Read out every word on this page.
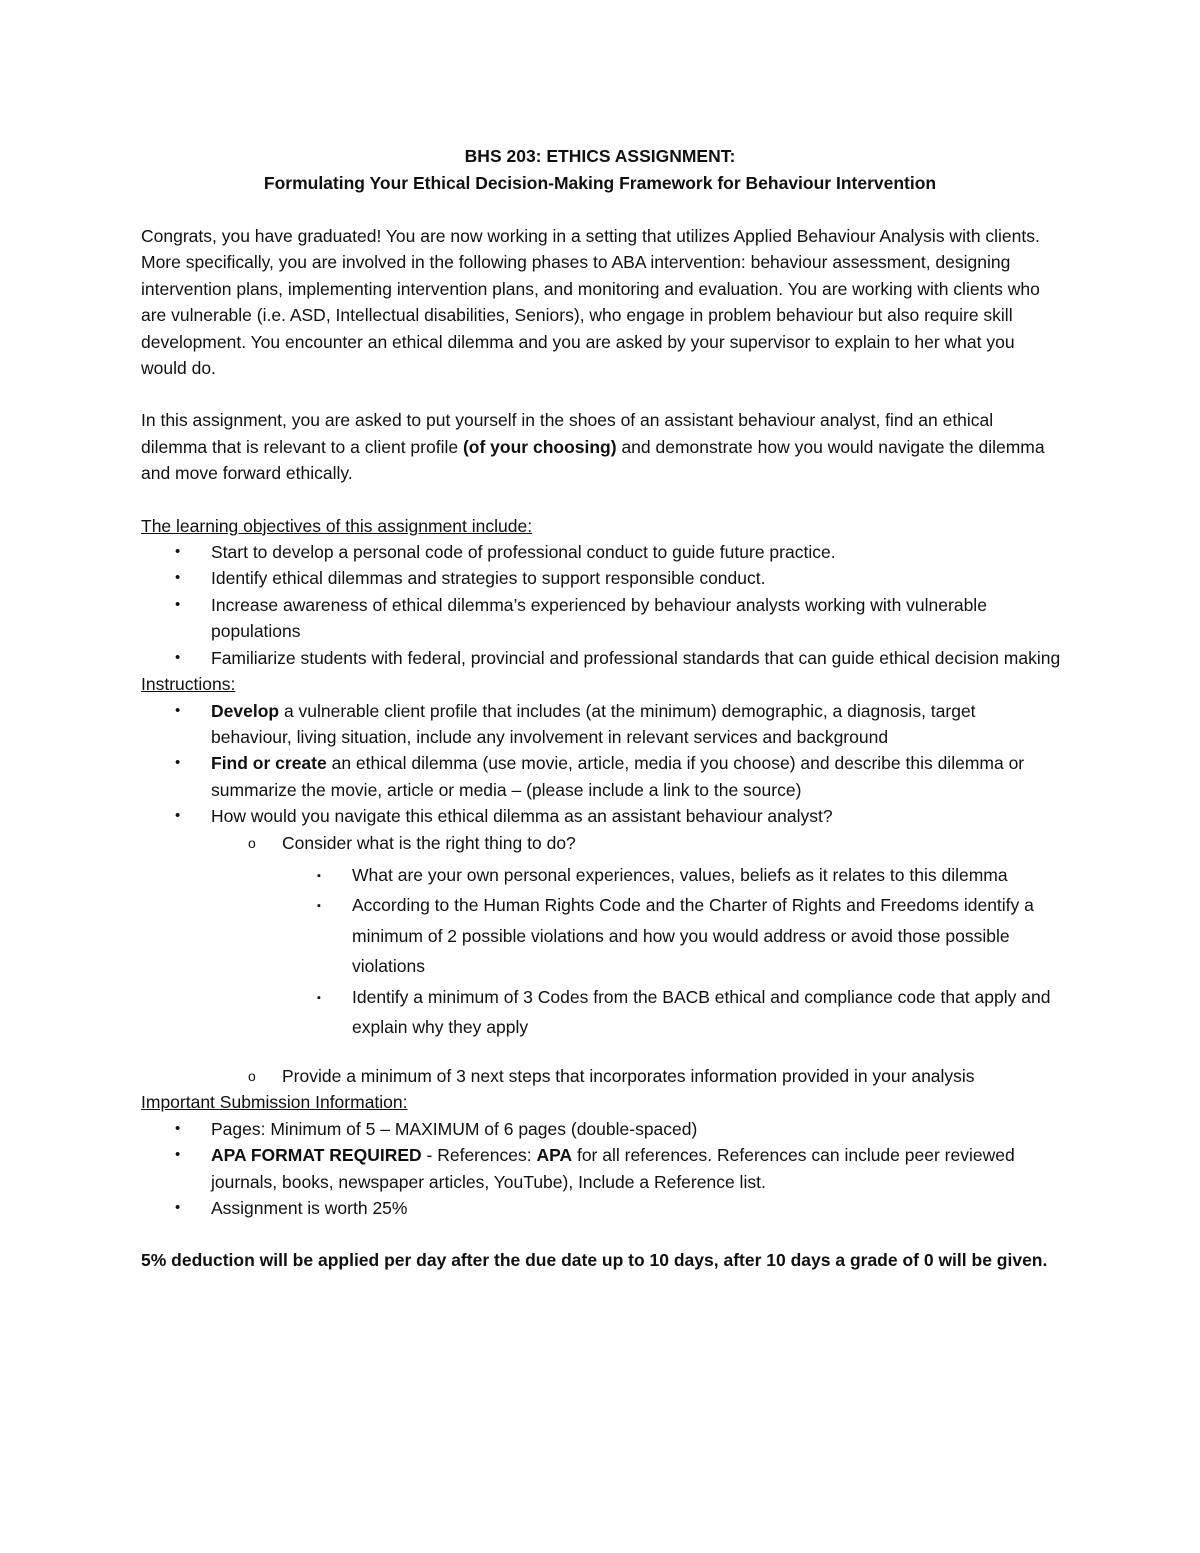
BHS 203: ETHICS ASSIGNMENT:
Formulating Your Ethical Decision-Making Framework for Behaviour Intervention

Congrats, you have graduated! You are now working in a setting that utilizes Applied Behaviour Analysis with clients. More specifically, you are involved in the following phases to ABA intervention: behaviour assessment, designing intervention plans, implementing intervention plans, and monitoring and evaluation. You are working with clients who are vulnerable (i.e. ASD, Intellectual disabilities, Seniors), who engage in problem behaviour but also require skill development. You encounter an ethical dilemma and you are asked by your supervisor to explain to her what you would do.

In this assignment, you are asked to put yourself in the shoes of an assistant behaviour analyst, find an ethical dilemma that is relevant to a client profile (of your choosing) and demonstrate how you would navigate the dilemma and move forward ethically.

The learning objectives of this assignment include:
• Start to develop a personal code of professional conduct to guide future practice.
• Identify ethical dilemmas and strategies to support responsible conduct.
• Increase awareness of ethical dilemma’s experienced by behaviour analysts working with vulnerable populations
• Familiarize students with federal, provincial and professional standards that can guide ethical decision making
Instructions:
• Develop a vulnerable client profile that includes (at the minimum) demographic, a diagnosis, target behaviour, living situation, include any involvement in relevant services and background
• Find or create an ethical dilemma (use movie, article, media if you choose) and describe this dilemma or summarize the movie, article or media – (please include a link to the source)
• How would you navigate this ethical dilemma as an assistant behaviour analyst?
o Consider what is the right thing to do?
▪ What are your own personal experiences, values, beliefs as it relates to this dilemma
▪ According to the Human Rights Code and the Charter of Rights and Freedoms identify a minimum of 2 possible violations and how you would address or avoid those possible violations
▪ Identify a minimum of 3 Codes from the BACB ethical and compliance code that apply and explain why they apply
o Provide a minimum of 3 next steps that incorporates information provided in your analysis
Important Submission Information:
• Pages: Minimum of 5 – MAXIMUM of 6 pages (double-spaced)
• APA FORMAT REQUIRED - References: APA for all references. References can include peer reviewed journals, books, newspaper articles, YouTube), Include a Reference list.
• Assignment is worth 25%

5% deduction will be applied per day after the due date up to 10 days, after 10 days a grade of 0 will be given.
